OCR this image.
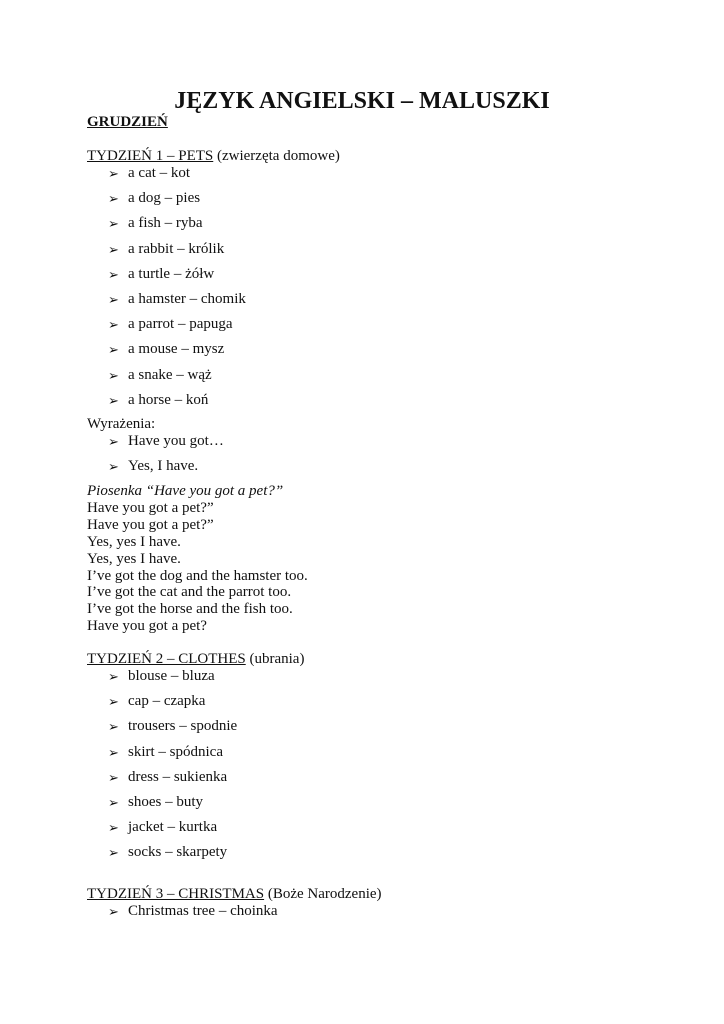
JĘZYK ANGIELSKI – MALUSZKI
GRUDZIEŃ
TYDZIEŃ 1 – PETS (zwierzęta domowe)
➢ a cat – kot
➢ a dog – pies
➢ a fish – ryba
➢ a rabbit – królik
➢ a turtle – żółw
➢ a hamster – chomik
➢ a parrot – papuga
➢ a mouse – mysz
➢ a snake – wąż
➢ a horse – koń
Wyrażenia:
➢ Have you got…
➢ Yes, I have.
Piosenka “Have you got a pet?”
Have you got a pet?”
Have you got a pet?”
Yes, yes I have.
Yes, yes I have.
I’ve got the dog and the hamster too.
I’ve got the cat and the parrot too.
I’ve got the horse and the fish too.
Have you got a pet?
TYDZIEŃ 2 – CLOTHES (ubrania)
➢ blouse – bluza
➢ cap – czapka
➢ trousers – spodnie
➢ skirt – spódnica
➢ dress – sukienka
➢ shoes – buty
➢ jacket – kurtka
➢ socks – skarpety
TYDZIEŃ 3 – CHRISTMAS (Boże Narodzenie)
➢ Christmas tree – choinka
